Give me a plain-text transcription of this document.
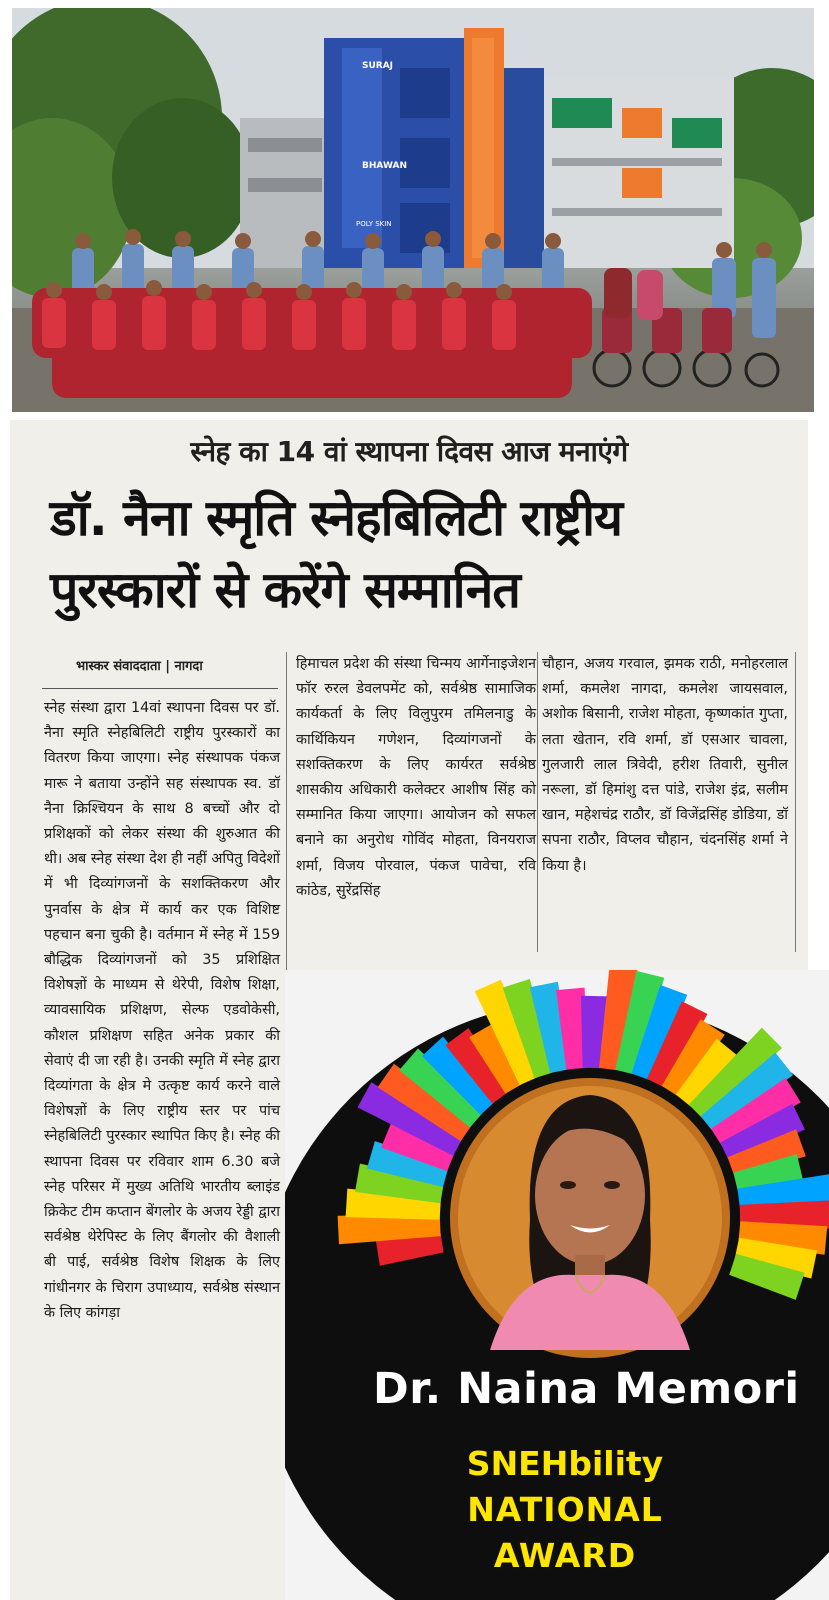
SURAJ
BHAWAN
POLY SKIN
स्नेह का 14 वां स्थापना दिवस आज मनाएंगे
डॉ. नैना स्मृति स्नेहबिलिटी राष्ट्रीय
पुरस्कारों से करेंगे सम्मानित
भास्कर संवाददाता | नागदा
स्नेह संस्था द्वारा 14वां स्थापना दिवस पर डॉ. नैना स्मृति स्नेहबिलिटी राष्ट्रीय पुरस्कारों का वितरण किया जाएगा। स्नेह संस्थापक पंकज मारू ने बताया उन्होंने सह संस्थापक स्व. डॉ नैना क्रिश्चियन के साथ 8 बच्चों और दो प्रशिक्षकों को लेकर संस्था की शुरुआत की थी। अब स्नेह संस्था देश ही नहीं अपितु विदेशों में भी दिव्यांगजनों के सशक्तिकरण और पुनर्वास के क्षेत्र में कार्य कर एक विशिष्ट पहचान बना चुकी है। वर्तमान में स्नेह में 159 बौद्धिक दिव्यांगजनों को 35 प्रशिक्षित विशेषज्ञों के माध्यम से थेरेपी, विशेष शिक्षा, व्यावसायिक प्रशिक्षण, सेल्फ एडवोकेसी, कौशल प्रशिक्षण सहित अनेक प्रकार की सेवाएं दी जा रही है। उनकी स्मृति में स्नेह द्वारा दिव्यांगता के क्षेत्र मे उत्कृष्ट कार्य करने वाले विशेषज्ञों के लिए राष्ट्रीय स्तर पर पांच स्नेहबिलिटी पुरस्कार स्थापित किए है। स्नेह की स्थापना दिवस पर रविवार शाम 6.30 बजे स्नेह परिसर में मुख्य अतिथि भारतीय ब्लाइंड क्रिकेट टीम कप्तान बेंगलोर के अजय रेड्डी द्वारा सर्वश्रेष्ठ थेरेपिस्ट के लिए बैंगलोर की वैशाली बी पाई, सर्वश्रेष्ठ विशेष शिक्षक के लिए गांधीनगर के चिराग उपाध्याय, सर्वश्रेष्ठ संस्थान के लिए कांगड़ा
हिमाचल प्रदेश की संस्था चिन्मय आर्गेनाइजेशन फॉर रुरल डेवलपमेंट को, सर्वश्रेष्ठ सामाजिक कार्यकर्ता के लिए विलुपुरम तमिलनाडु के कार्थिकियन गणेशन, दिव्यांगजनों के सशक्तिकरण के लिए कार्यरत सर्वश्रेष्ठ शासकीय अधिकारी कलेक्टर आशीष सिंह को सम्मानित किया जाएगा। आयोजन को सफल बनाने का अनुरोध गोविंद मोहता, विनयराज शर्मा, विजय पोरवाल, पंकज पावेचा, रवि कांठेड, सुरेंद्रसिंह
चौहान, अजय गरवाल, झमक राठी, मनोहरलाल शर्मा, कमलेश नागदा, कमलेश जायसवाल, अशोक बिसानी, राजेश मोहता, कृष्णकांत गुप्ता, लता खेतान, रवि शर्मा, डॉ एसआर चावला, गुलजारी लाल त्रिवेदी, हरीश तिवारी, सुनील नरूला, डॉ हिमांशु दत्त पांडे, राजेश इंद्र, सलीम खान, महेशचंद्र राठौर, डॉ विजेंद्रसिंह डोडिया, डॉ सपना राठौर, विप्लव चौहान, चंदनसिंह शर्मा ने किया है।
Dr. Naina Memori
SNEHbility
NATIONAL
AWARD
